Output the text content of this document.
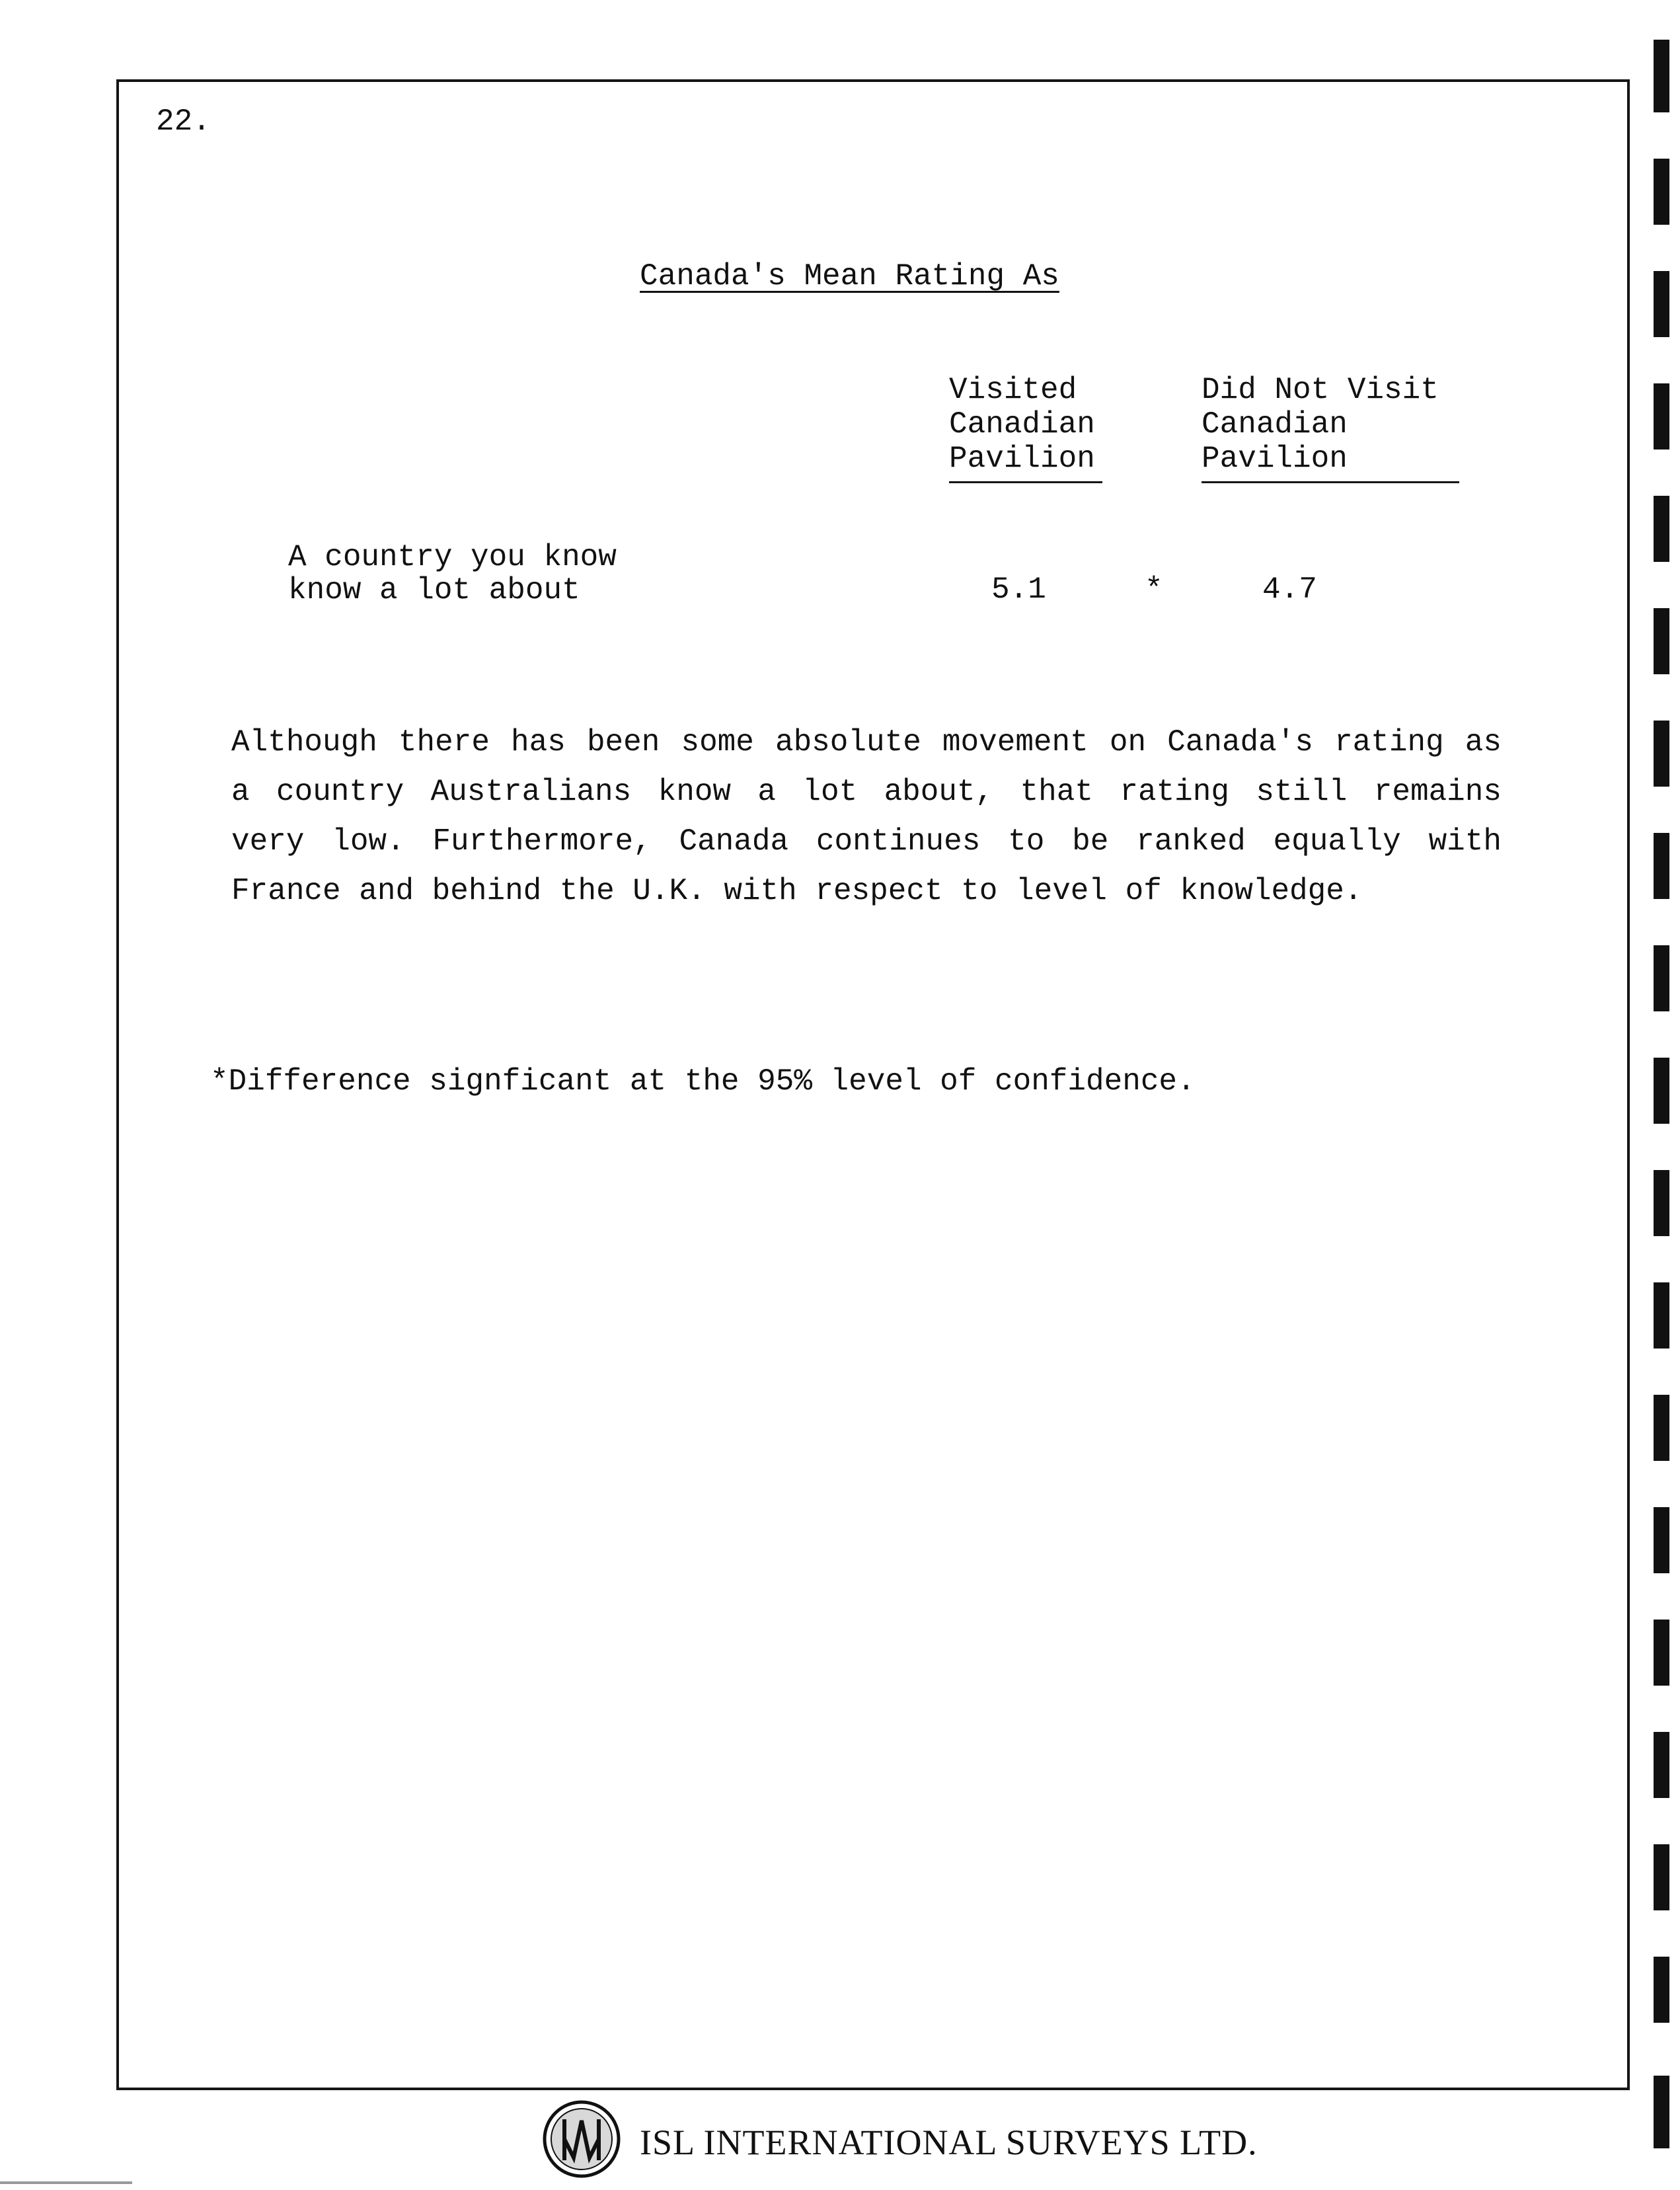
22.
Canada's Mean Rating As
Visited
Canadian
Pavilion
Did Not Visit
Canadian
Pavilion
A country you know
know a lot about	5.1	*	4.7

Although there has been some absolute movement on Canada's rating as a country Australians know a lot about, that rating still remains very low. Furthermore, Canada continues to be ranked equally with France and behind the U.K. with respect to level of knowledge.

*Difference signficant at the 95% level of confidence.
ISL INTERNATIONAL SURVEYS LTD.
